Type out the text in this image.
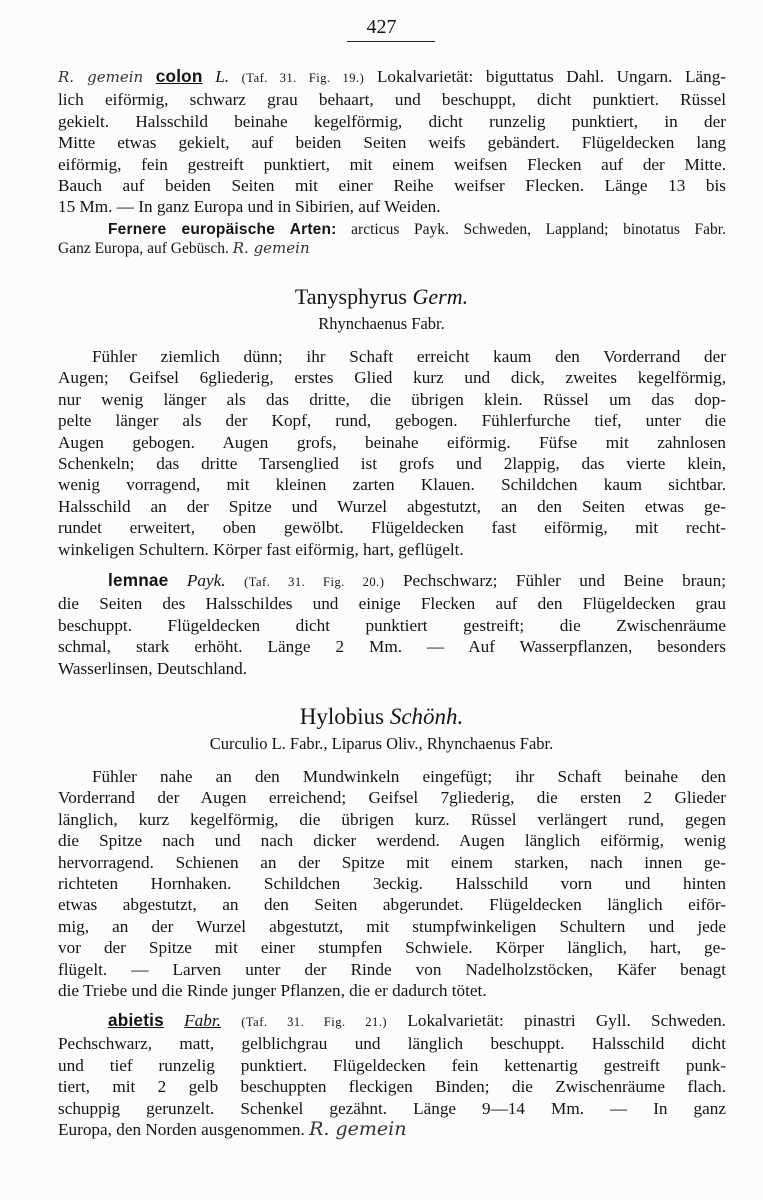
427
R. gemein colon L. (Taf. 31. Fig. 19.) Lokalvarietät: biguttatus Dahl. Ungarn. Läng-
lich eiförmig, schwarz grau behaart, und beschuppt, dicht punktiert. Rüssel
gekielt. Halsschild beinahe kegelförmig, dicht runzelig punktiert, in der
Mitte etwas gekielt, auf beiden Seiten weifs gebändert. Flügeldecken lang
eiförmig, fein gestreift punktiert, mit einem weifsen Flecken auf der Mitte.
Bauch auf beiden Seiten mit einer Reihe weifser Flecken. Länge 13 bis
15 Mm. — In ganz Europa und in Sibirien, auf Weiden.
Fernere europäische Arten: arcticus Payk. Schweden, Lappland; binotatus Fabr.
Ganz Europa, auf Gebüsch. R. gemein
Tanysphyrus Germ.
Rhynchaenus Fabr.
Fühler ziemlich dünn; ihr Schaft erreicht kaum den Vorderrand der
Augen; Geifsel 6gliederig, erstes Glied kurz und dick, zweites kegelförmig,
nur wenig länger als das dritte, die übrigen klein. Rüssel um das dop-
pelte länger als der Kopf, rund, gebogen. Fühlerfurche tief, unter die
Augen gebogen. Augen grofs, beinahe eiförmig. Füfse mit zahnlosen
Schenkeln; das dritte Tarsenglied ist grofs und 2lappig, das vierte klein,
wenig vorragend, mit kleinen zarten Klauen. Schildchen kaum sichtbar.
Halsschild an der Spitze und Wurzel abgestutzt, an den Seiten etwas ge-
rundet erweitert, oben gewölbt. Flügeldecken fast eiförmig, mit recht-
winkeligen Schultern. Körper fast eiförmig, hart, geflügelt.
lemnae Payk. (Taf. 31. Fig. 20.) Pechschwarz; Fühler und Beine braun;
die Seiten des Halsschildes und einige Flecken auf den Flügeldecken grau
beschuppt. Flügeldecken dicht punktiert gestreift; die Zwischenräume
schmal, stark erhöht. Länge 2 Mm. — Auf Wasserpflanzen, besonders
Wasserlinsen, Deutschland.
Hylobius Schönh.
Curculio L. Fabr., Liparus Oliv., Rhynchaenus Fabr.
Fühler nahe an den Mundwinkeln eingefügt; ihr Schaft beinahe den
Vorderrand der Augen erreichend; Geifsel 7gliederig, die ersten 2 Glieder
länglich, kurz kegelförmig, die übrigen kurz. Rüssel verlängert rund, gegen
die Spitze nach und nach dicker werdend. Augen länglich eiförmig, wenig
hervorragend. Schienen an der Spitze mit einem starken, nach innen ge-
richteten Hornhaken. Schildchen 3eckig. Halsschild vorn und hinten
etwas abgestutzt, an den Seiten abgerundet. Flügeldecken länglich eiför-
mig, an der Wurzel abgestutzt, mit stumpfwinkeligen Schultern und jede
vor der Spitze mit einer stumpfen Schwiele. Körper länglich, hart, ge-
flügelt. — Larven unter der Rinde von Nadelholzstöcken, Käfer benagt
die Triebe und die Rinde junger Pflanzen, die er dadurch tötet.
abietis Fabr. (Taf. 31. Fig. 21.) Lokalvarietät: pinastri Gyll. Schweden.
Pechschwarz, matt, gelblichgrau und länglich beschuppt. Halsschild dicht
und tief runzelig punktiert. Flügeldecken fein kettenartig gestreift punk-
tiert, mit 2 gelb beschuppten fleckigen Binden; die Zwischenräume flach.
schuppig gerunzelt. Schenkel gezähnt. Länge 9—14 Mm. — In ganz
Europa, den Norden ausgenommen. R. gemein
